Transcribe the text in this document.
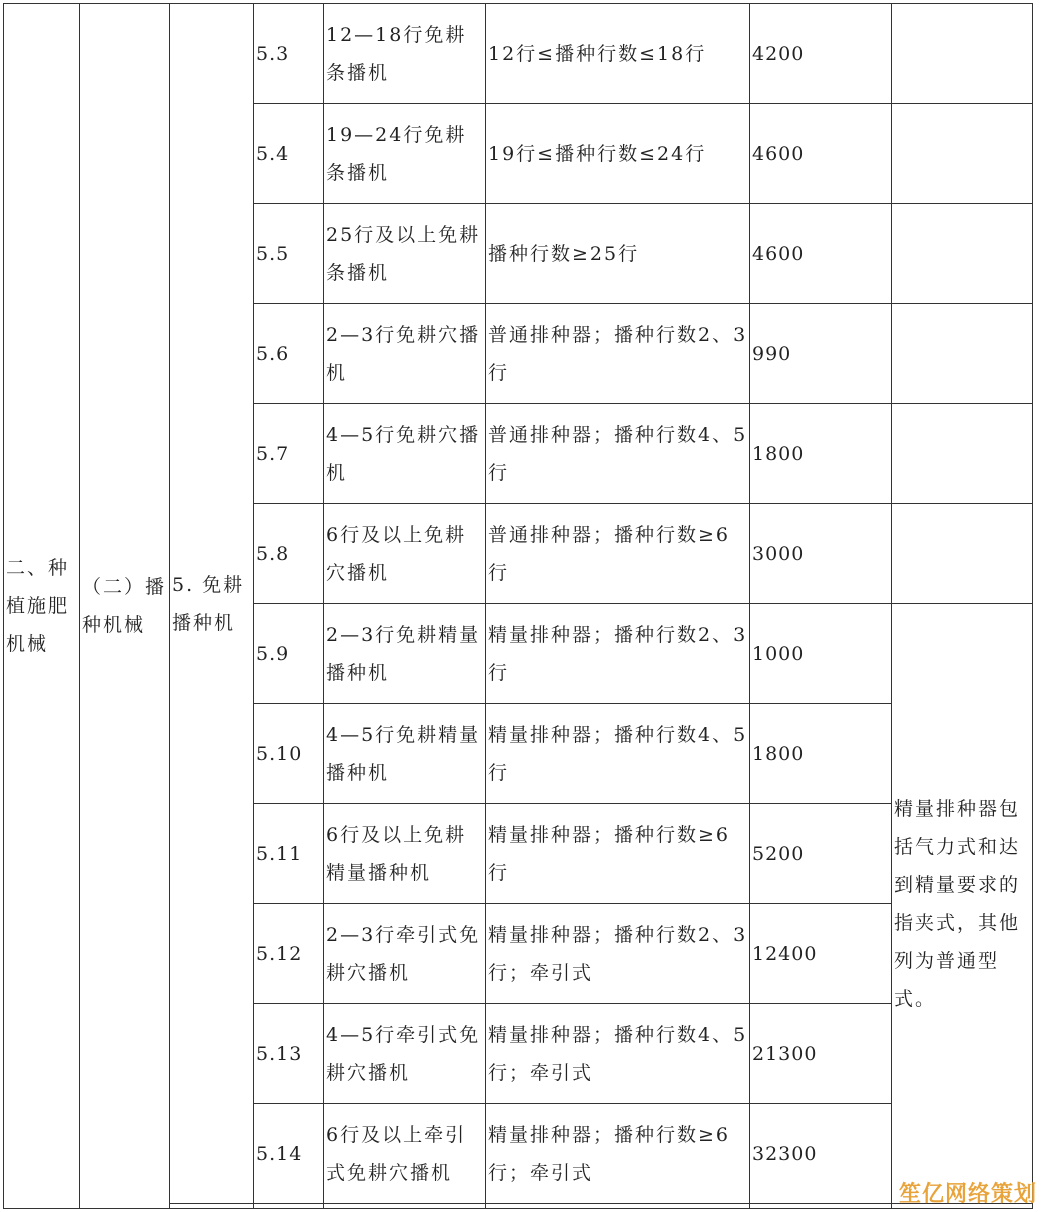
二、种植施肥机械	（二）播种机械	5. 免耕播种机	5.3	12—18行免耕条播机	12行≤播种行数≤18行	4200	
			5.4	19—24行免耕条播机	19行≤播种行数≤24行	4600	
			5.5	25行及以上免耕条播机	播种行数≥25行	4600	
			5.6	2—3行免耕穴播机	普通排种器；播种行数2、3行	990	
			5.7	4—5行免耕穴播机	普通排种器；播种行数4、5行	1800	
			5.8	6行及以上免耕穴播机	普通排种器；播种行数≥6行	3000	
			5.9	2—3行免耕精量播种机	精量排种器；播种行数2、3行	1000	精量排种器包括气力式和达到精量要求的指夹式，其他列为普通型式。
			5.10	4—5行免耕精量播种机	精量排种器；播种行数4、5行	1800	
			5.11	6行及以上免耕精量播种机	精量排种器；播种行数≥6行	5200	
			5.12	2—3行牵引式免耕穴播机	精量排种器；播种行数2、3行；牵引式	12400	
			5.13	4—5行牵引式免耕穴播机	精量排种器；播种行数4、5行；牵引式	21300	
			5.14	6行及以上牵引式免耕穴播机	精量排种器；播种行数≥6行；牵引式	32300	

笙亿网络策划
